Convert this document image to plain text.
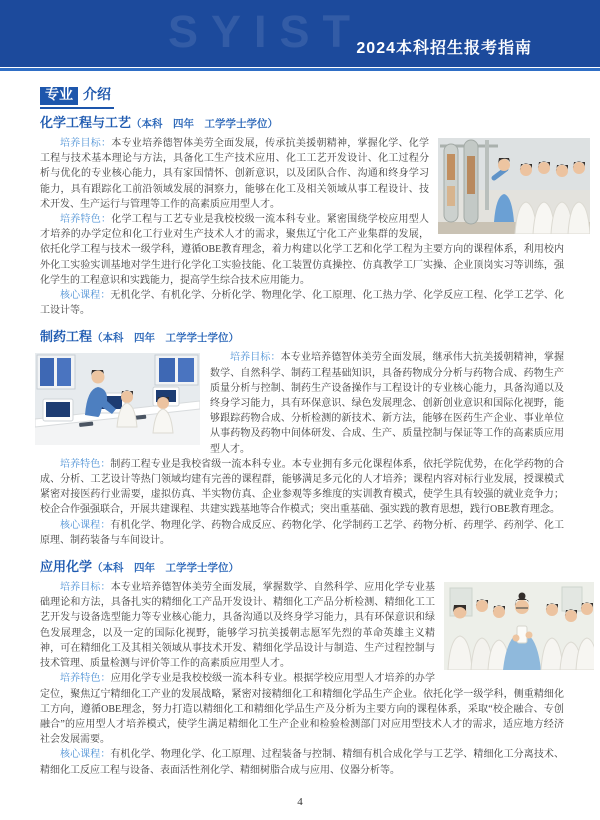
SYIST
2024本科招生报考指南
专业 介绍
化学工程与工艺（本科　四年　工学学士学位）

培养目标：本专业培养德智体美劳全面发展，传承抗美援朝精神，掌握化学、化学工程与技术基本理论与方法，具备化工生产技术应用、化工工艺开发设计、化工过程分析与优化的专业核心能力，具有家国情怀、创新意识，以及团队合作、沟通和终身学习能力，具有跟踪化工前沿领域发展的洞察力，能够在化工及相关领域从事工程设计、技术开发、生产运行与管理等工作的高素质应用型人才。

培养特色：化学工程与工艺专业是我校校级一流本科专业。紧密围绕学校应用型人才培养的办学定位和化工行业对生产技术人才的需求，聚焦辽宁化工产业集群的发展，依托化学工程与技术一级学科，遵循OBE教育理念，着力构建以化学工艺和化学工程为主要方向的课程体系，利用校内外化工实验实训基地对学生进行化学化工实验技能、化工装置仿真操控、仿真教学工厂实操、企业顶岗实习等训练，强化学生的工程意识和实践能力，提高学生综合技术应用能力。

核心课程：无机化学、有机化学、分析化学、物理化学、化工原理、化工热力学、化学反应工程、化学工艺学、化工设计等。

制药工程（本科　四年　工学学士学位）

培养目标：本专业培养德智体美劳全面发展，继承伟大抗美援朝精神，掌握数学、自然科学、制药工程基础知识，具备药物成分分析与药物合成、药物生产质量分析与控制、制药生产设备操作与工程设计的专业核心能力，具备沟通以及终身学习能力，具有环保意识、绿色发展理念、创新创业意识和国际化视野，能够跟踪药物合成、分析检测的新技术、新方法，能够在医药生产企业、事业单位从事药物及药物中间体研发、合成、生产、质量控制与保证等工作的高素质应用型人才。

培养特色：制药工程专业是我校省级一流本科专业。本专业拥有多元化课程体系，依托学院优势，在化学药物的合成、分析、工艺设计等热门领域均建有完善的课程群，能够满足多元化的人才培养；课程内容对标行业发展，授课模式紧密对接医药行业需要，虚拟仿真、半实物仿真、企业参观等多维度的实训教育模式，使学生具有较强的就业竞争力；校企合作强强联合，开展共建课程、共建实践基地等合作模式；突出重基础、强实践的教育思想，践行OBE教育理念。

核心课程：有机化学、物理化学、药物合成反应、药物化学、化学制药工艺学、药物分析、药理学、药剂学、化工原理、制药装备与车间设计。

应用化学（本科　四年　工学学士学位）

培养目标：本专业培养德智体美劳全面发展，掌握数学、自然科学、应用化学专业基础理论和方法，具备扎实的精细化工产品开发设计、精细化工产品分析检测、精细化工工艺开发与设备选型能力等专业核心能力，具备沟通以及终身学习能力，具有环保意识和绿色发展理念，以及一定的国际化视野，能够学习抗美援朝志愿军先烈的革命英雄主义精神，可在精细化工及其相关领域从事技术开发、精细化学品设计与制造、生产过程控制与技术管理、质量检测与评价等工作的高素质应用型人才。

培养特色：应用化学专业是我校校级一流本科专业。根据学校应用型人才培养的办学定位，聚焦辽宁精细化工产业的发展战略，紧密对接精细化工和精细化学品生产企业。依托化学一级学科，侧重精细化工方向，遵循OBE理念，努力打造以精细化工和精细化学品生产及分析为主要方向的课程体系，采取“校企融合、专创融合”的应用型人才培养模式，使学生满足精细化工生产企业和检验检测部门对应用型技术人才的需求，适应地方经济社会发展需要。

核心课程：有机化学、物理化学、化工原理、过程装备与控制、精细有机合成化学与工艺学、精细化工分离技术、精细化工反应工程与设备、表面活性剂化学、精细树脂合成与应用、仪器分析等。

4
